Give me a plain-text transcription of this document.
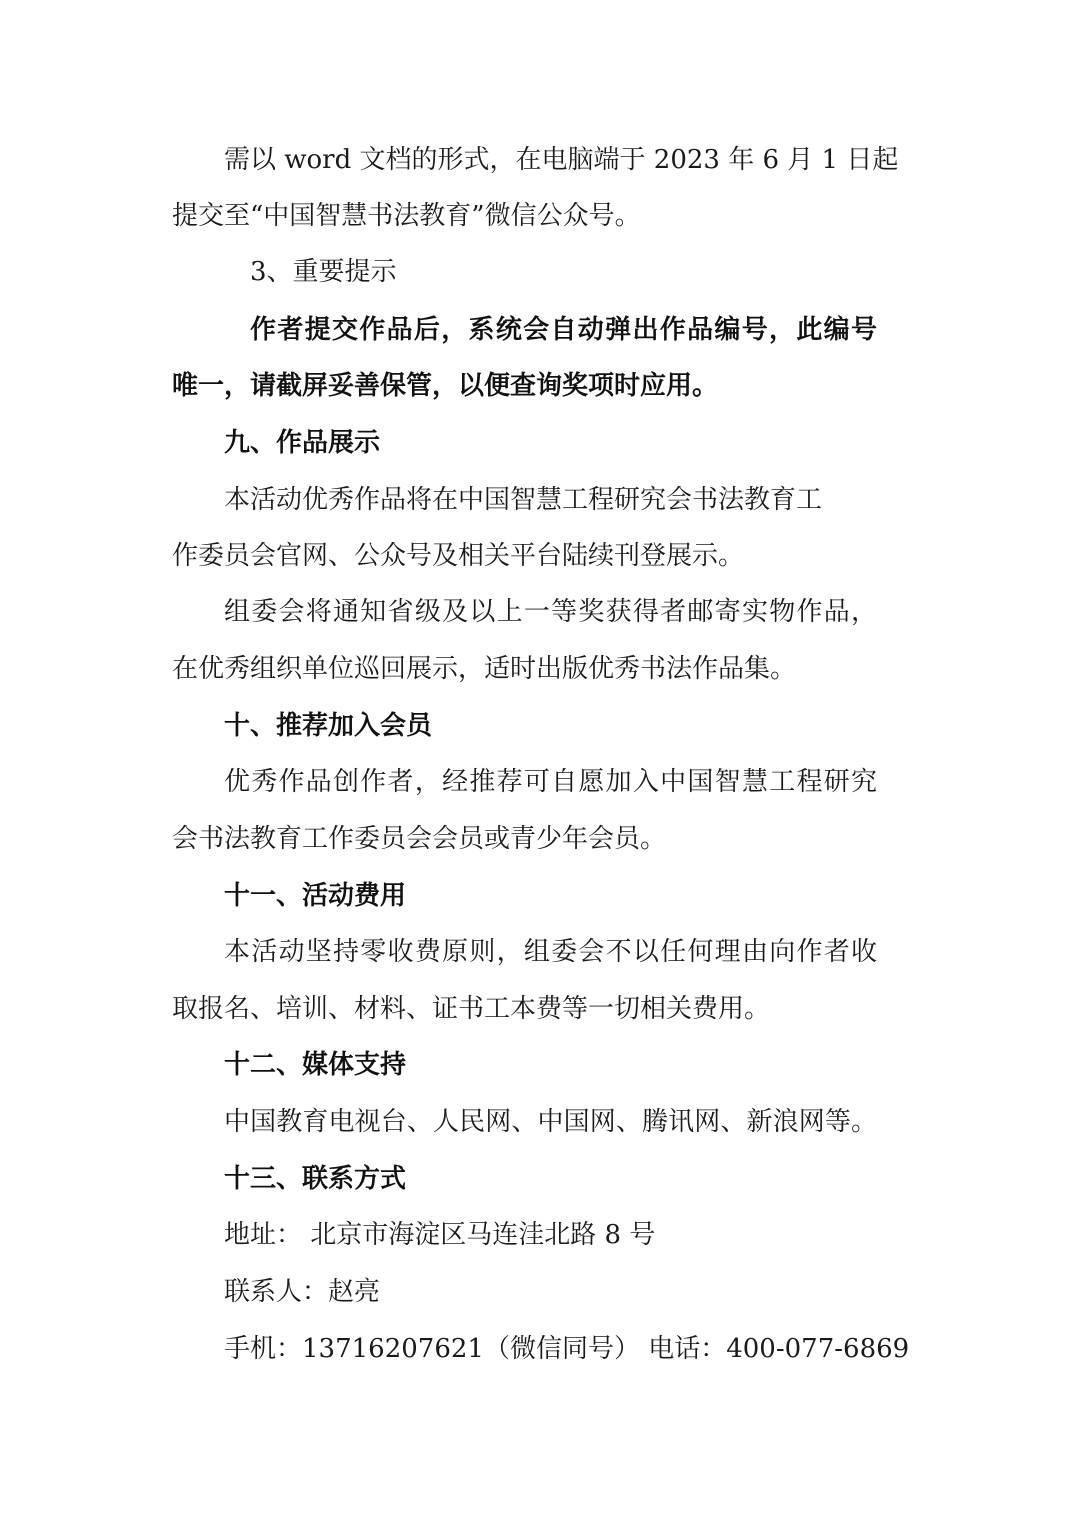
需以 word 文档的形式，在电脑端于 2023 年 6 月 1 日起
提交至“中国智慧书法教育”微信公众号。
3、重要提示
作者提交作品后，系统会自动弹出作品编号，此编号
唯一，请截屏妥善保管，以便查询奖项时应用。
九、作品展示
本活动优秀作品将在中国智慧工程研究会书法教育工
作委员会官网、公众号及相关平台陆续刊登展示。
组委会将通知省级及以上一等奖获得者邮寄实物作品，
在优秀组织单位巡回展示，适时出版优秀书法作品集。
十、推荐加入会员
优秀作品创作者，经推荐可自愿加入中国智慧工程研究
会书法教育工作委员会会员或青少年会员。
十一、活动费用
本活动坚持零收费原则，组委会不以任何理由向作者收
取报名、培训、材料、证书工本费等一切相关费用。
十二、媒体支持
中国教育电视台、人民网、中国网、腾讯网、新浪网等。
十三、联系方式
地址： 北京市海淀区马连洼北路 8 号
联系人：赵亮
手机：13716207621（微信同号） 电话：400-077-6869
